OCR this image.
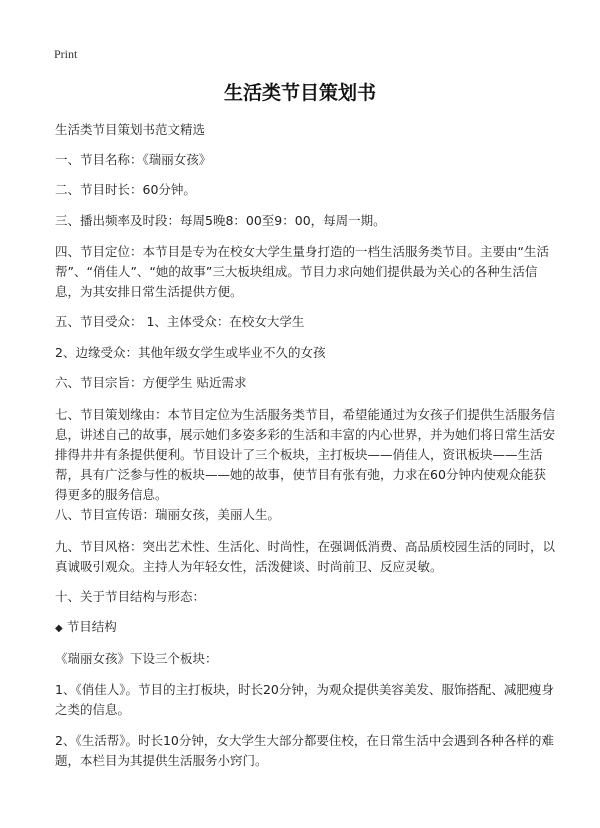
Print
生活类节目策划书

生活类节目策划书范文精选

一、节目名称：《瑞丽女孩》

二、节目时长：60分钟。

三、播出频率及时段：每周5晚8：00至9：00，每周一期。

四、节目定位：本节目是专为在校女大学生量身打造的一档生活服务类节目。主要由“生活帮”、“俏佳人”、“她的故事”三大板块组成。节目力求向她们提供最为关心的各种生活信息，为其安排日常生活提供方便。

五、节目受众： 1、主体受众：在校女大学生

2、边缘受众：其他年级女学生或毕业不久的女孩

六、节目宗旨：方便学生 贴近需求

七、节目策划缘由：本节目定位为生活服务类节目，希望能通过为女孩子们提供生活服务信息，讲述自己的故事，展示她们多姿多彩的生活和丰富的内心世界，并为她们将日常生活安排得井井有条提供便利。节目设计了三个板块，主打板块——俏佳人，资讯板块——生活帮，具有广泛参与性的板块——她的故事，使节目有张有弛，力求在60分钟内使观众能获得更多的服务信息。

八、节目宣传语：瑞丽女孩，美丽人生。

九、节目风格：突出艺术性、生活化、时尚性，在强调低消费、高品质校园生活的同时，以真诚吸引观众。主持人为年轻女性，活泼健谈、时尚前卫、反应灵敏。

十、关于节目结构与形态：

◆ 节目结构

《瑞丽女孩》下设三个板块：

1、《俏佳人》。节目的主打板块，时长20分钟，为观众提供美容美发、服饰搭配、减肥瘦身之类的信息。

2、《生活帮》。时长10分钟，女大学生大部分都要住校，在日常生活中会遇到各种各样的难题，本栏目为其提供生活服务小窍门。
